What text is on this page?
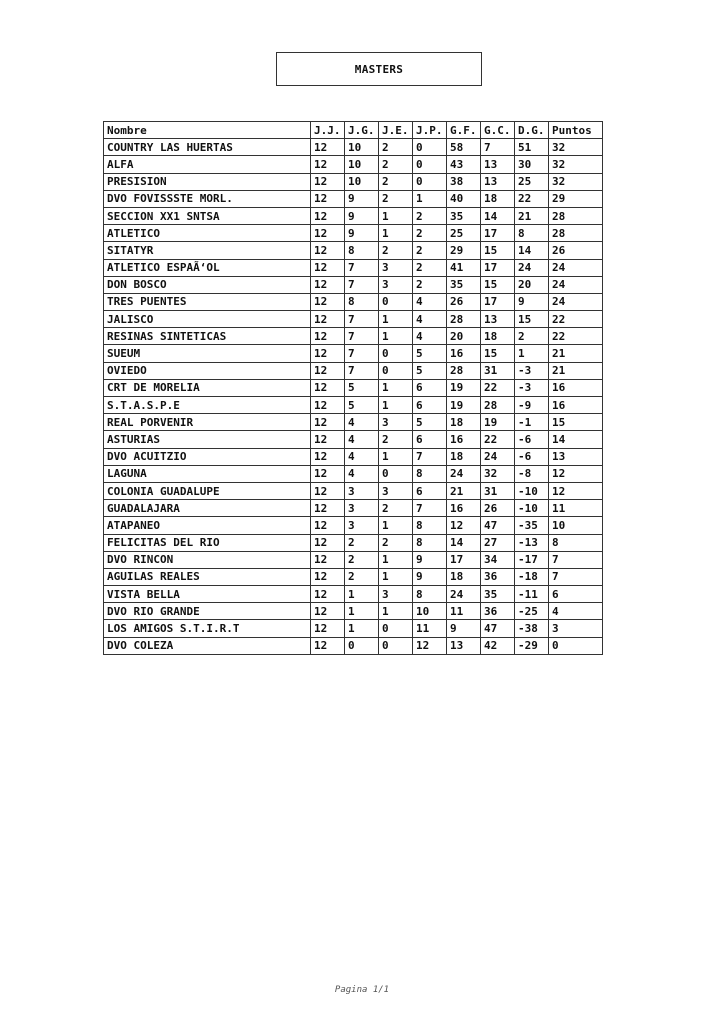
MASTERS
Nombre	J.J.	J.G.	J.E.	J.P.	G.F.	G.C.	D.G.	Puntos
COUNTRY LAS HUERTAS	12	10	2	0	58	7	51	32
ALFA	12	10	2	0	43	13	30	32
PRESISION	12	10	2	0	38	13	25	32
DVO FOVISSSTE MORL.	12	9	2	1	40	18	22	29
SECCION XX1 SNTSA	12	9	1	2	35	14	21	28
ATLETICO	12	9	1	2	25	17	8	28
SITATYR	12	8	2	2	29	15	14	26
ATLETICO ESPAÃ‘OL	12	7	3	2	41	17	24	24
DON BOSCO	12	7	3	2	35	15	20	24
TRES PUENTES	12	8	0	4	26	17	9	24
JALISCO	12	7	1	4	28	13	15	22
RESINAS SINTETICAS	12	7	1	4	20	18	2	22
SUEUM	12	7	0	5	16	15	1	21
OVIEDO	12	7	0	5	28	31	-3	21
CRT DE MORELIA	12	5	1	6	19	22	-3	16
S.T.A.S.P.E	12	5	1	6	19	28	-9	16
REAL PORVENIR	12	4	3	5	18	19	-1	15
ASTURIAS	12	4	2	6	16	22	-6	14
DVO ACUITZIO	12	4	1	7	18	24	-6	13
LAGUNA	12	4	0	8	24	32	-8	12
COLONIA GUADALUPE	12	3	3	6	21	31	-10	12
GUADALAJARA	12	3	2	7	16	26	-10	11
ATAPANEO	12	3	1	8	12	47	-35	10
FELICITAS DEL RIO	12	2	2	8	14	27	-13	8
DVO RINCON	12	2	1	9	17	34	-17	7
AGUILAS REALES	12	2	1	9	18	36	-18	7
VISTA BELLA	12	1	3	8	24	35	-11	6
DVO RIO GRANDE	12	1	1	10	11	36	-25	4
LOS AMIGOS S.T.I.R.T	12	1	0	11	9	47	-38	3
DVO COLEZA	12	0	0	12	13	42	-29	0
Pagina 1/1
